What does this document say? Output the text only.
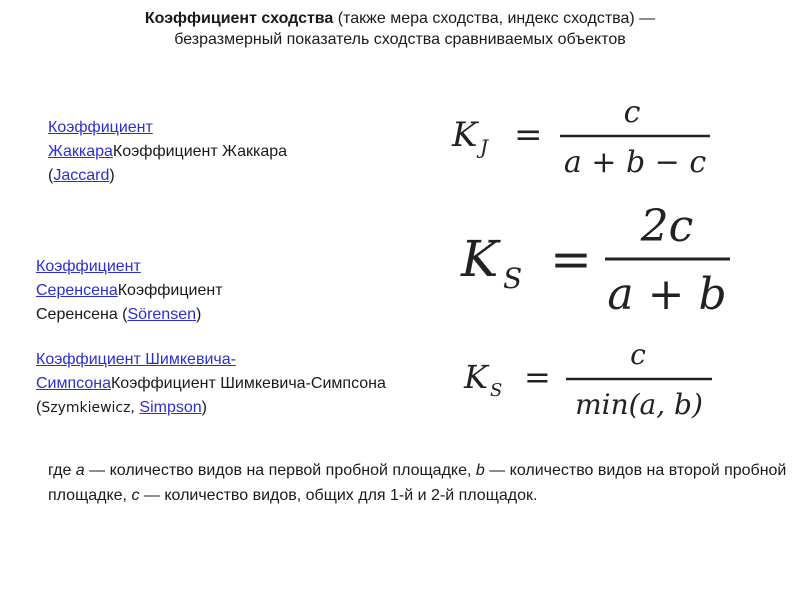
Коэффициент сходства (также мера сходства, индекс сходства) —
безразмерный показатель сходства сравниваемых объектов
Коэффициент ЖаккараКоэффициент Жаккара (Jaccard)
K J =
c
a + b − c
Коэффициент СеренсенаКоэффициент Серенсена (Sörensen)
K S =
2c
a + b
Коэффициент Шимкевича-СимпсонаКоэффициент Шимкевича-Симпсона (Szymkiewicz, Simpson)
K S =
c
min(a, b)
где а — количество видов на первой пробной площадке, b — количество видов на второй пробной площадке, с — количество видов, общих для 1-й и 2-й площадок.
